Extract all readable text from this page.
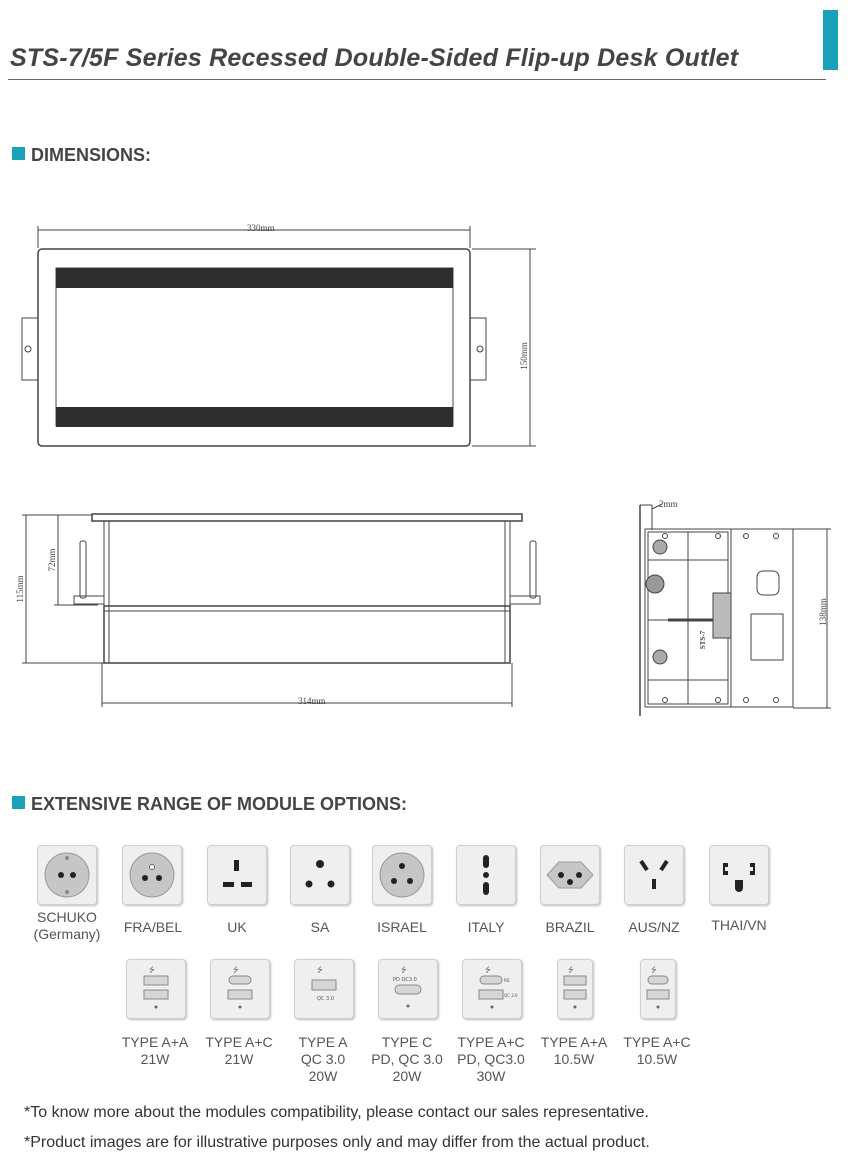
STS-7/5F Series Recessed Double-Sided Flip-up Desk Outlet
DIMENSIONS:
330mm
150mm
115mm
72mm
314mm
2mm
138mm
STS-7
EXTENSIVE RANGE OF MODULE OPTIONS:
SCHUKO
(Germany)	FRA/BEL	UK	SA	ISRAEL	ITALY	BRAZIL	AUS/NZ	THAI/VN
⭍
TYPE A+A
21W
⭍
TYPE A+C
21W
⭍
QC 3.0
TYPE A
QC 3.0
20W
⭍
PD QC3.0
TYPE C
PD, QC 3.0
20W
⭍
PD
QC 3.0
TYPE A+C
PD, QC3.0
30W
⭍
TYPE A+A
10.5W
⭍
TYPE A+C
10.5W
*To know more about the modules compatibility, please contact our sales representative.
*Product images are for illustrative purposes only and may differ from the actual product.
